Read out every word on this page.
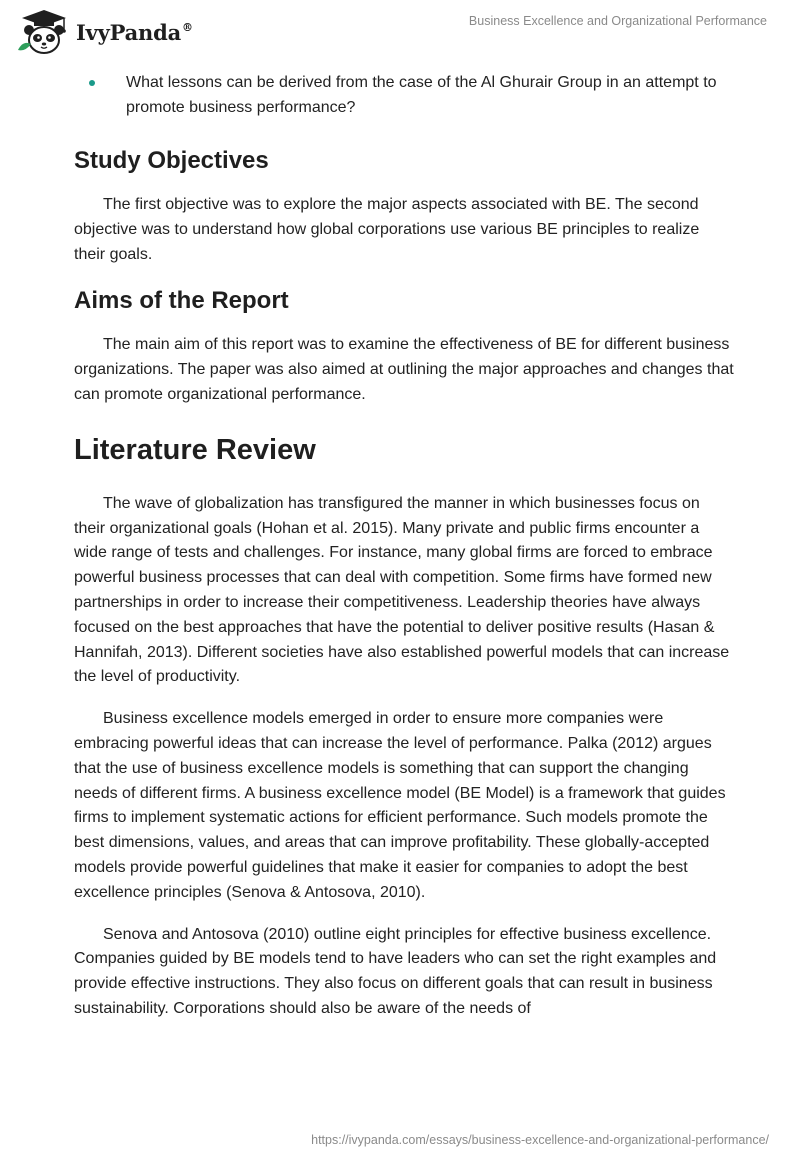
IvyPanda®	Business Excellence and Organizational Performance
What lessons can be derived from the case of the Al Ghurair Group in an attempt to promote business performance?
Study Objectives

The first objective was to explore the major aspects associated with BE. The second objective was to understand how global corporations use various BE principles to realize their goals.

Aims of the Report

The main aim of this report was to examine the effectiveness of BE for different business organizations. The paper was also aimed at outlining the major approaches and changes that can promote organizational performance.

Literature Review

The wave of globalization has transfigured the manner in which businesses focus on their organizational goals (Hohan et al. 2015). Many private and public firms encounter a wide range of tests and challenges. For instance, many global firms are forced to embrace powerful business processes that can deal with competition. Some firms have formed new partnerships in order to increase their competitiveness. Leadership theories have always focused on the best approaches that have the potential to deliver positive results (Hasan & Hannifah, 2013). Different societies have also established powerful models that can increase the level of productivity.

Business excellence models emerged in order to ensure more companies were embracing powerful ideas that can increase the level of performance. Palka (2012) argues that the use of business excellence models is something that can support the changing needs of different firms. A business excellence model (BE Model) is a framework that guides firms to implement systematic actions for efficient performance. Such models promote the best dimensions, values, and areas that can improve profitability. These globally-accepted models provide powerful guidelines that make it easier for companies to adopt the best excellence principles (Senova & Antosova, 2010).

Senova and Antosova (2010) outline eight principles for effective business excellence. Companies guided by BE models tend to have leaders who can set the right examples and provide effective instructions. They also focus on different goals that can result in business sustainability. Corporations should also be aware of the needs of

https://ivypanda.com/essays/business-excellence-and-organizational-performance/
